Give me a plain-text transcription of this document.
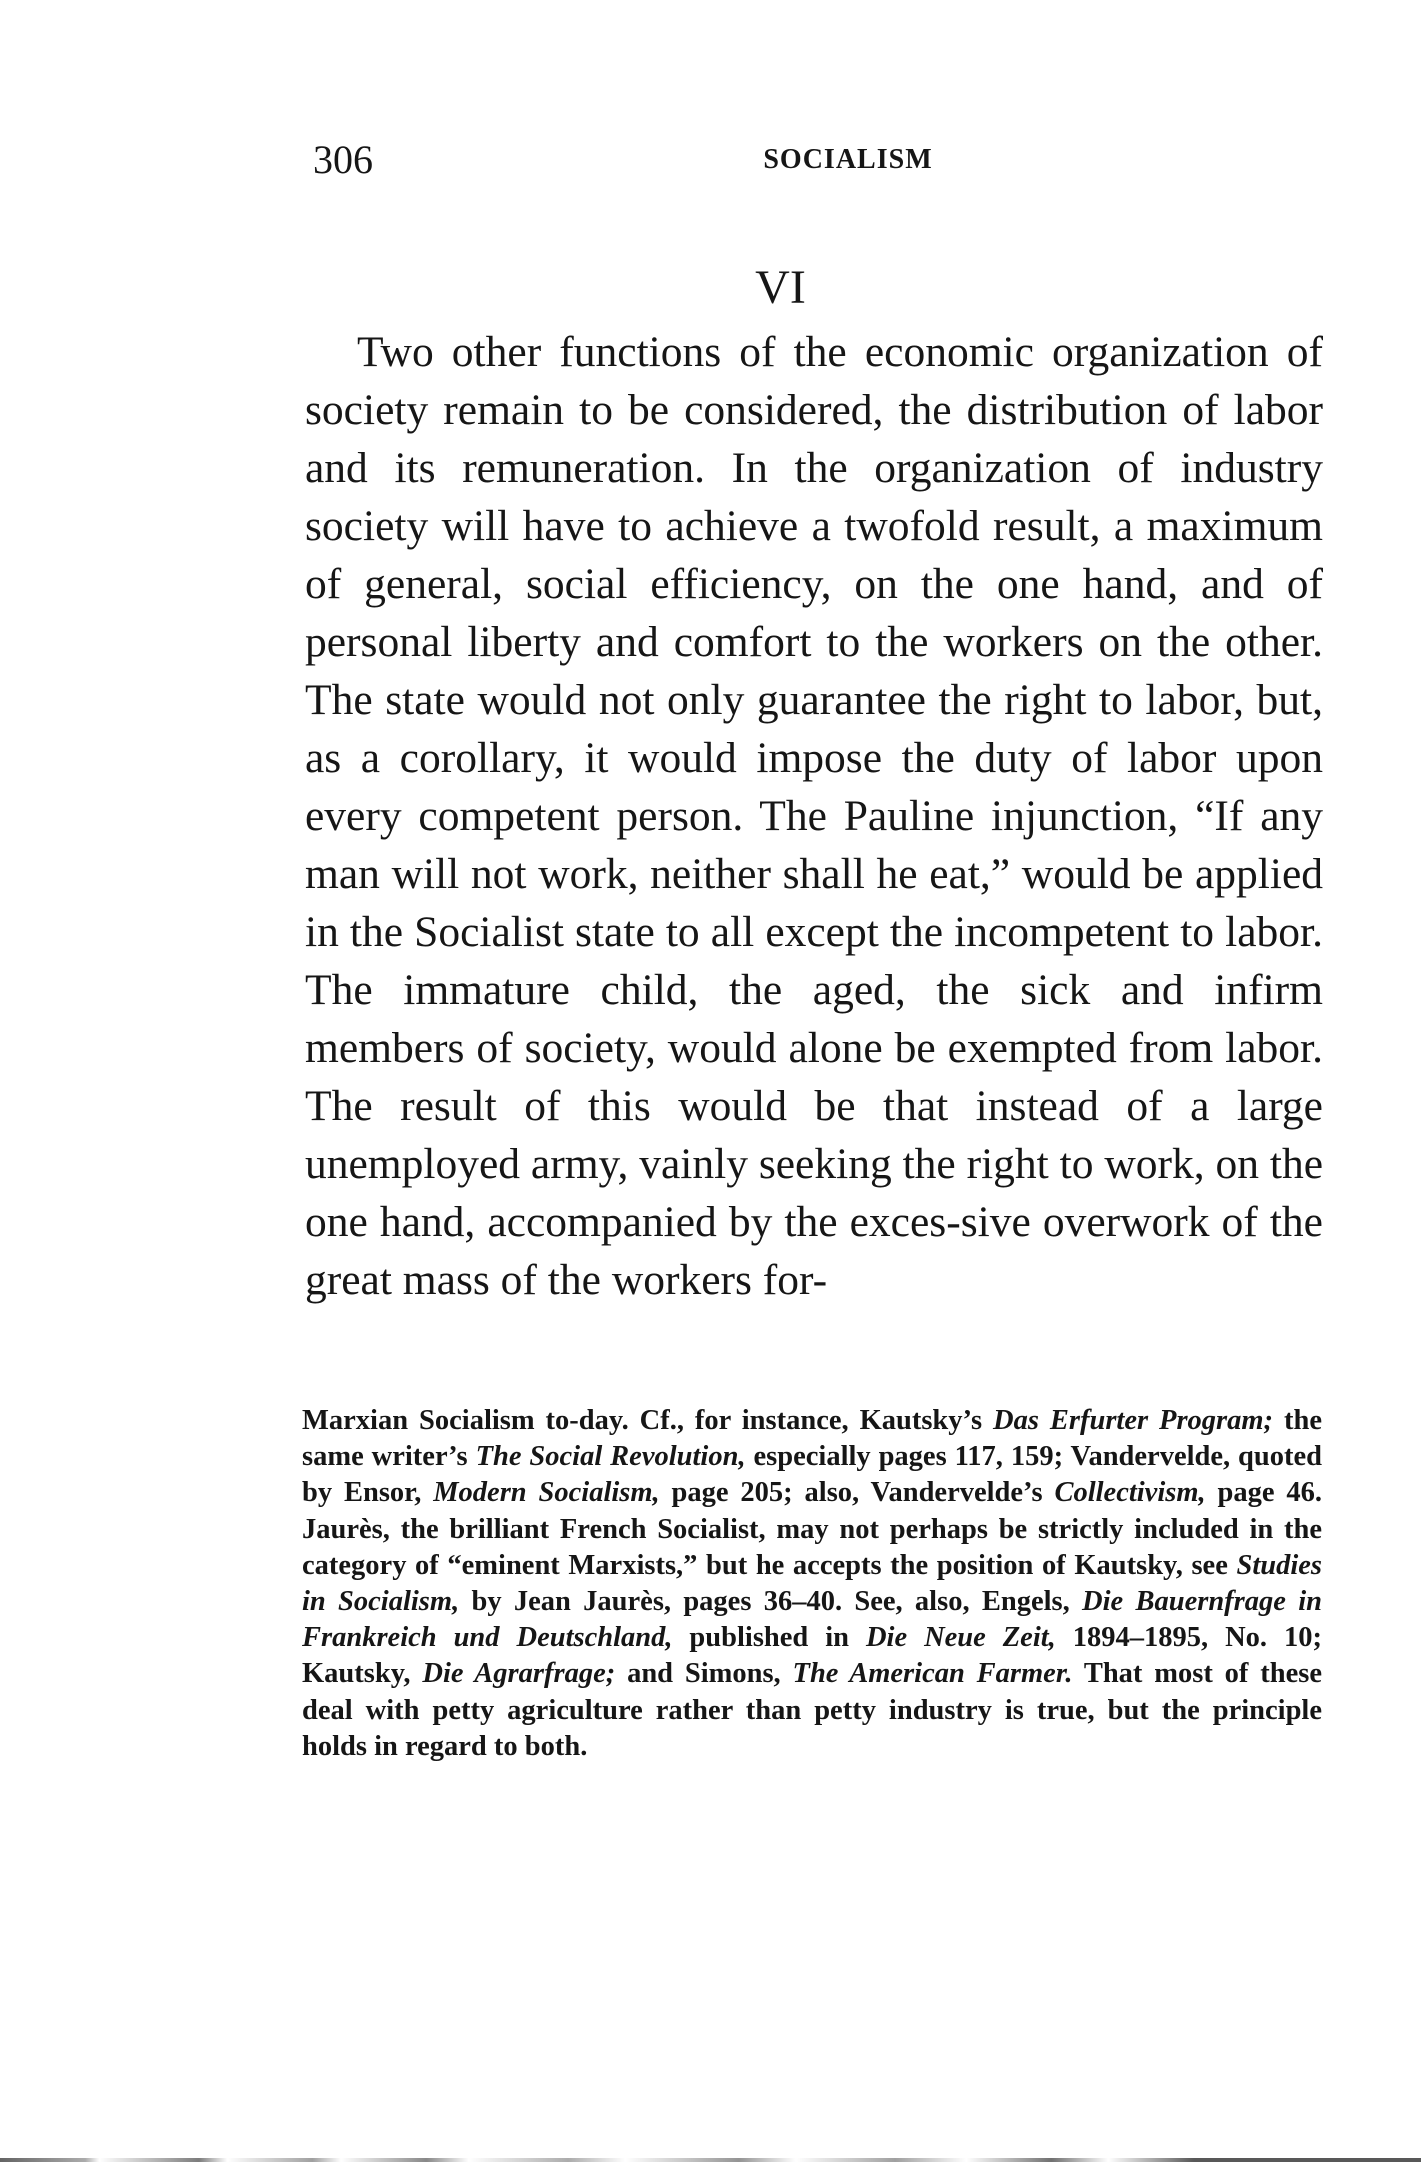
306	SOCIALISM
VI

Two other functions of the economic organization of society remain to be considered, the distribution of labor and its remuneration. In the organization of industry society will have to achieve a twofold result, a maximum of general, social efficiency, on the one hand, and of personal liberty and comfort to the workers on the other. The state would not only guarantee the right to labor, but, as a corollary, it would impose the duty of labor upon every competent person. The Pauline injunction, “If any man will not work, neither shall he eat,” would be applied in the Socialist state to all except the incompetent to labor. The immature child, the aged, the sick and infirm members of society, would alone be exempted from labor. The result of this would be that instead of a large unemployed army, vainly seeking the right to work, on the one hand, accompanied by the exces-sive overwork of the great mass of the workers for-

Marxian Socialism to-day. Cf., for instance, Kautsky’s Das Erfurter Program; the same writer’s The Social Revolution, especially pages 117, 159; Vandervelde, quoted by Ensor, Modern Socialism, page 205; also, Vandervelde’s Collectivism, page 46. Jaurès, the brilliant French Socialist, may not perhaps be strictly included in the category of “eminent Marxists,” but he accepts the position of Kautsky, see Studies in Socialism, by Jean Jaurès, pages 36–40. See, also, Engels, Die Bauernfrage in Frankreich und Deutschland, published in Die Neue Zeit, 1894–1895, No. 10; Kautsky, Die Agrarfrage; and Simons, The American Farmer. That most of these deal with petty agriculture rather than petty industry is true, but the principle holds in regard to both.
